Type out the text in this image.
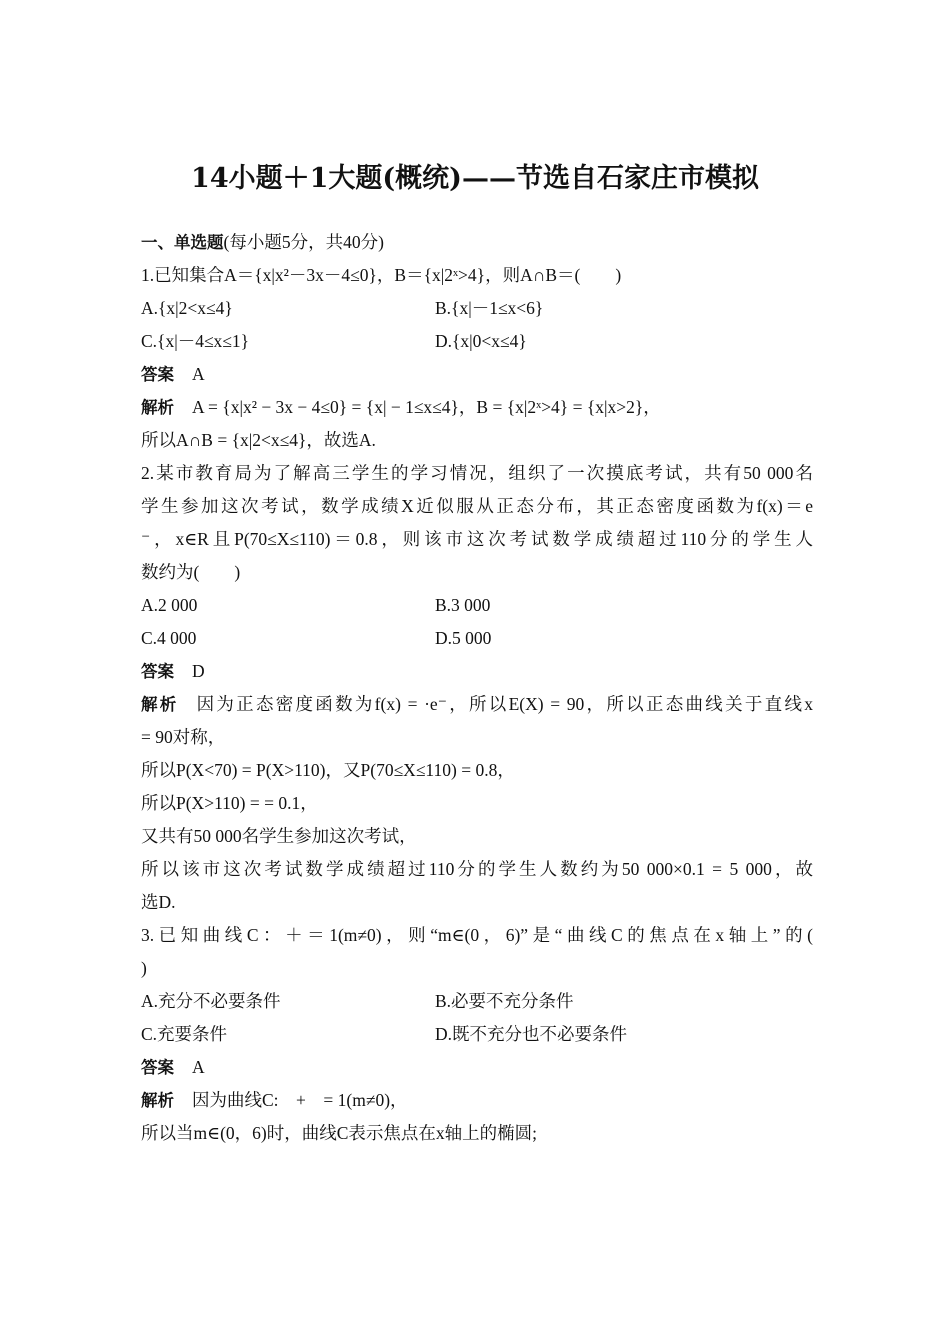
14小题＋1大题(概统)——节选自石家庄市模拟
一、单选题(每小题5分，共40分)
1.已知集合A＝{x|x²－3x－4≤0}，B＝{x|2ˣ>4}，则A∩B＝(　　)
A.{x|2<x≤4}	B.{x|－1≤x<6}
C.{x|－4≤x≤1}	D.{x|0<x≤4}
答案 A
解析 A = {x|x² − 3x − 4≤0} = {x| − 1≤x≤4}，B = {x|2ˣ>4} = {x|x>2}，
所以A∩B = {x|2<x≤4}，故选A.
2.某市教育局为了解高三学生的学习情况，组织了一次摸底考试，共有50 000名
学生参加这次考试，数学成绩X近似服从正态分布，其正态密度函数为f(x)＝e
⁻，x∈R且P(70≤X≤110)＝0.8，则该市这次考试数学成绩超过110分的学生人
数约为(　　)
A.2 000	B.3 000
C.4 000	D.5 000
答案 D
解析 因为正态密度函数为f(x) = ·e⁻，所以E(X) = 90，所以正态曲线关于直线x
= 90对称，
所以P(X<70) = P(X>110)，又P(70≤X≤110) = 0.8，
所以P(X>110) = = 0.1，
又共有50 000名学生参加这次考试，
所以该市这次考试数学成绩超过110分的学生人数约为50 000×0.1 = 5 000，故
选D.
3.已知曲线C：＋＝1(m≠0)，则“m∈(0，6)”是“曲线C的焦点在x轴上”的(
)
A.充分不必要条件	B.必要不充分条件
C.充要条件	D.既不充分也不必要条件
答案 A
解析 因为曲线C:　+　= 1(m≠0)，
所以当m∈(0，6)时，曲线C表示焦点在x轴上的椭圆;
